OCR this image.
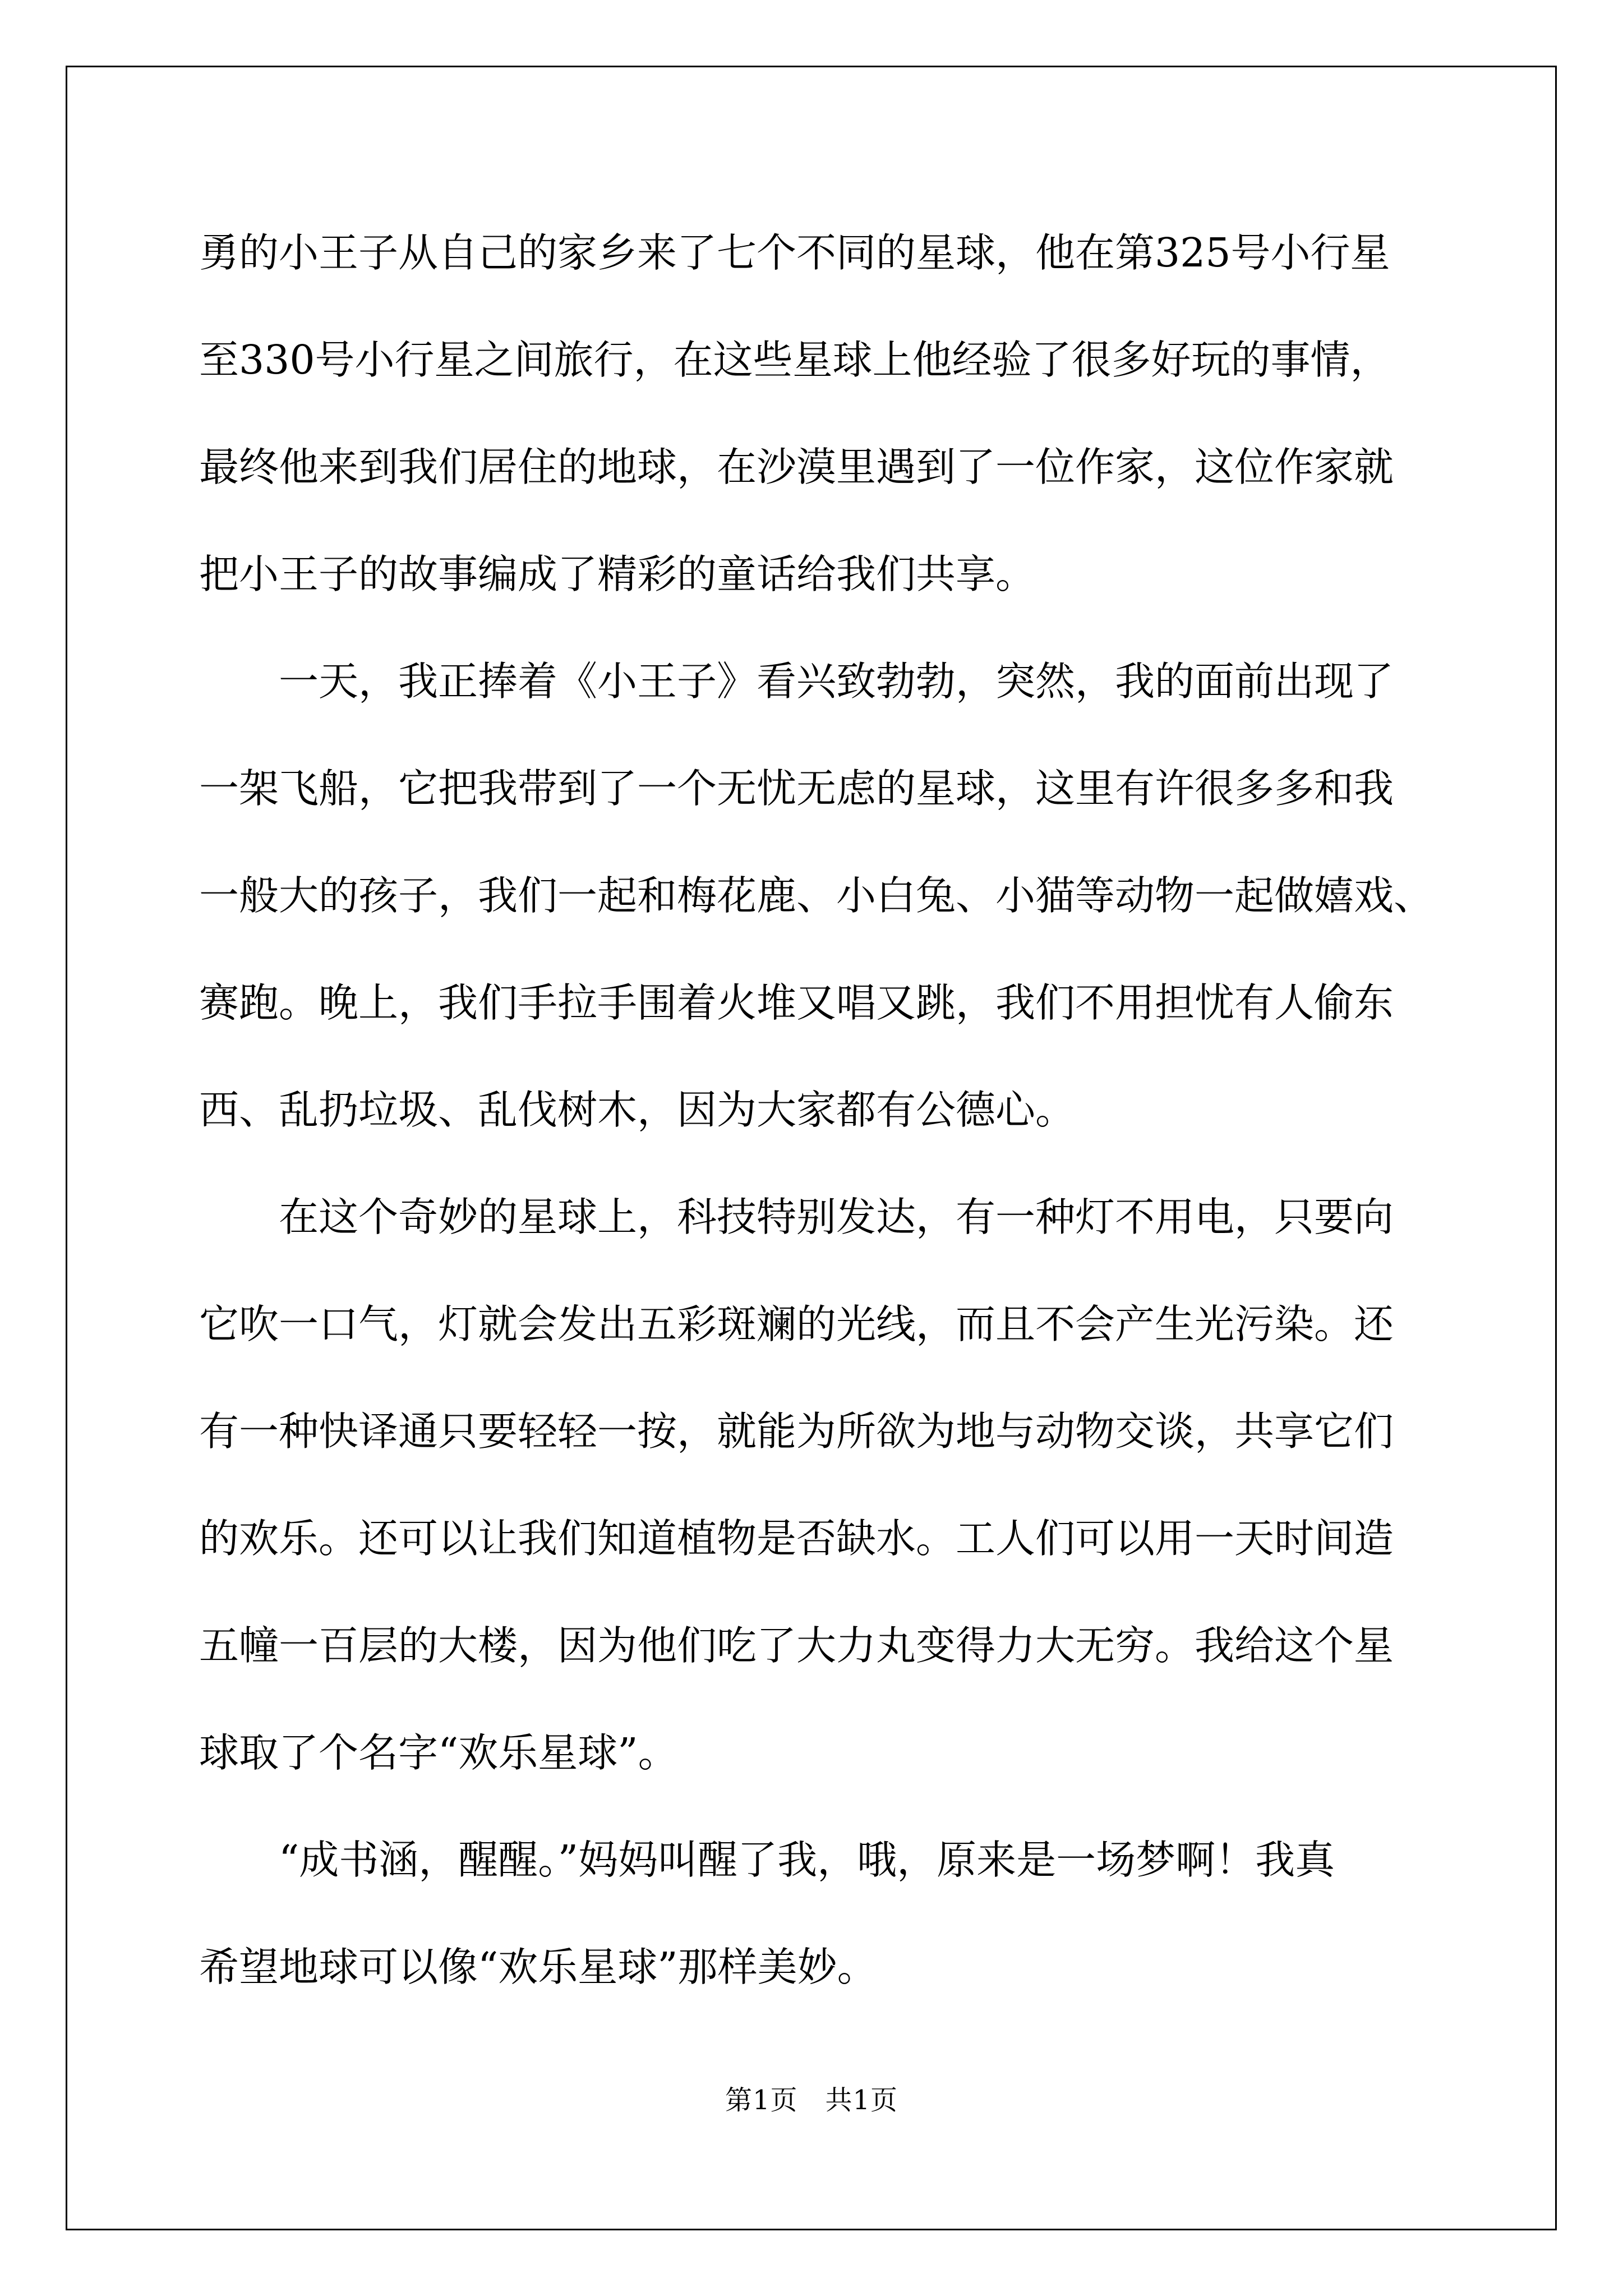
勇的小王子从自己的家乡来了七个不同的星球，他在第325号小行星
至330号小行星之间旅行，在这些星球上他经验了很多好玩的事情，
最终他来到我们居住的地球，在沙漠里遇到了一位作家，这位作家就
把小王子的故事编成了精彩的童话给我们共享。
一天，我正捧着《小王子》看兴致勃勃，突然，我的面前出现了
一架飞船，它把我带到了一个无忧无虑的星球，这里有许很多多和我
一般大的孩子，我们一起和梅花鹿、小白兔、小猫等动物一起做嬉戏、
赛跑。晚上，我们手拉手围着火堆又唱又跳，我们不用担忧有人偷东
西、乱扔垃圾、乱伐树木，因为大家都有公德心。
在这个奇妙的星球上，科技特别发达，有一种灯不用电，只要向
它吹一口气，灯就会发出五彩斑斓的光线，而且不会产生光污染。还
有一种快译通只要轻轻一按，就能为所欲为地与动物交谈，共享它们
的欢乐。还可以让我们知道植物是否缺水。工人们可以用一天时间造
五幢一百层的大楼，因为他们吃了大力丸变得力大无穷。我给这个星
球取了个名字“欢乐星球”。
“成书涵，醒醒。”妈妈叫醒了我，哦，原来是一场梦啊！我真
希望地球可以像“欢乐星球”那样美妙。
第1页　共1页
